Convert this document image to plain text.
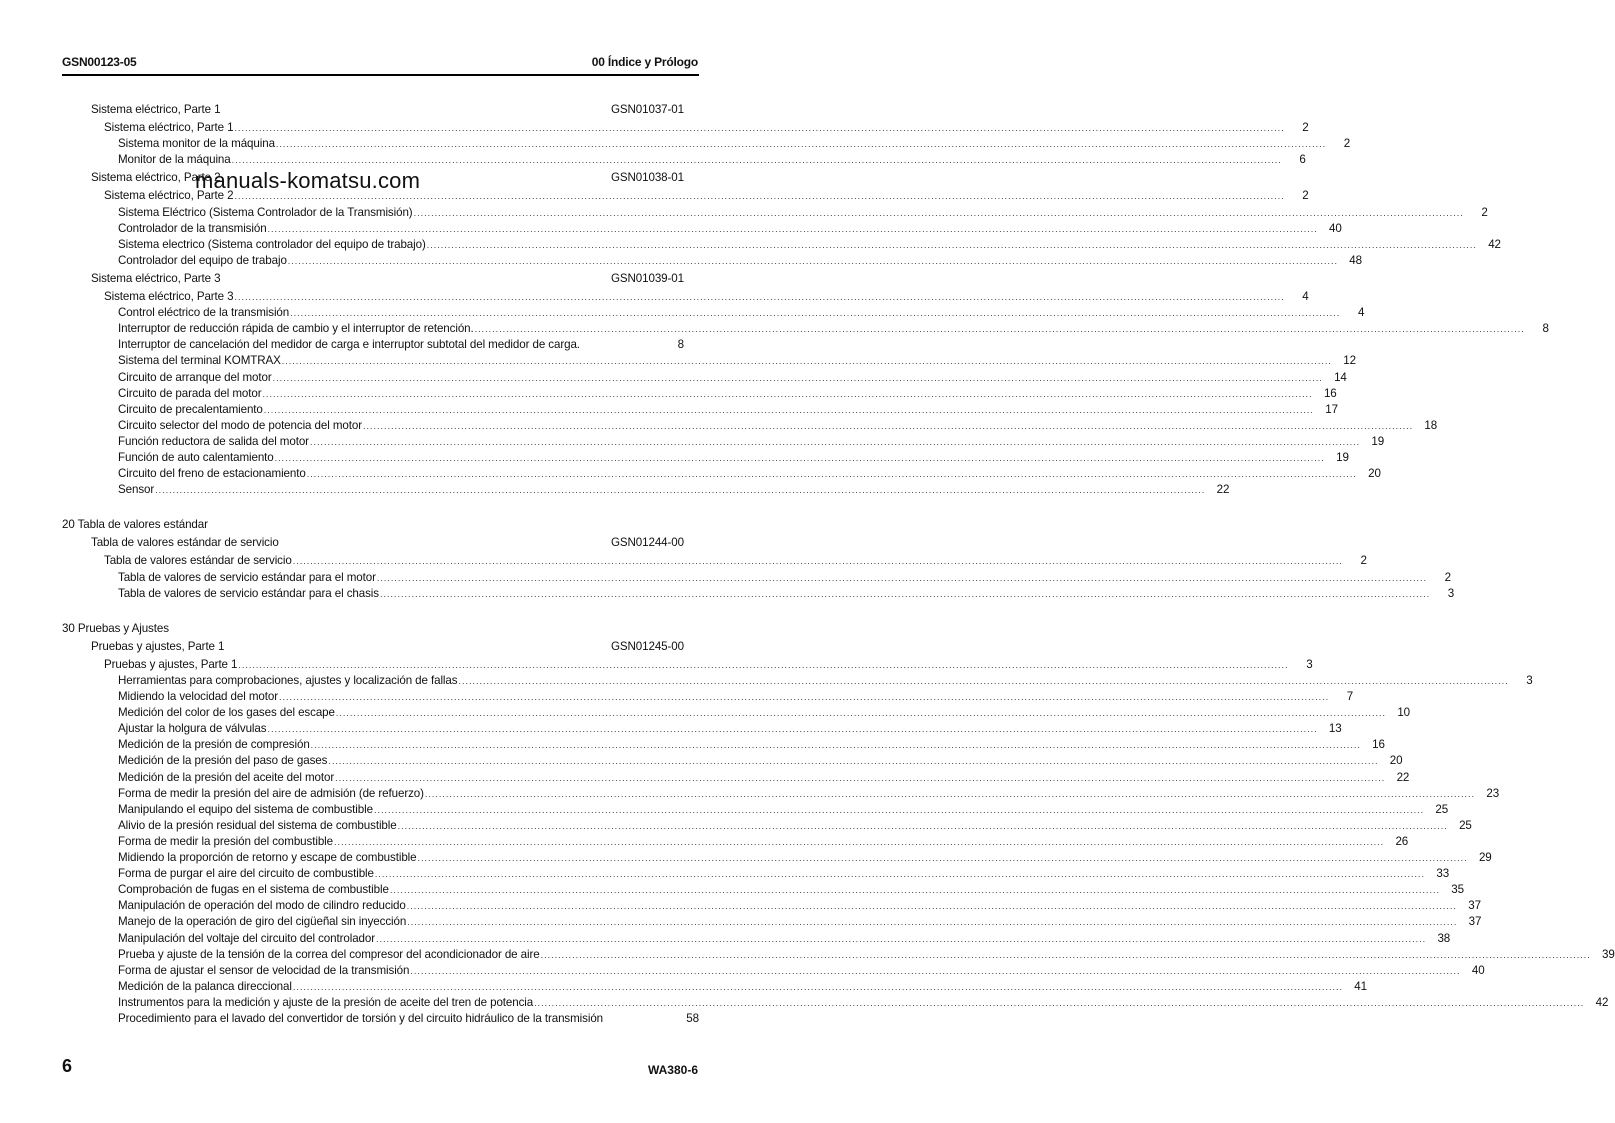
GSN00123-05	00 Índice y Prólogo
Sistema eléctrico, Parte 1	GSN01037-01
Sistema eléctrico, Parte 1 ............................................................................................................................................................................................................................................................................................................	2
Sistema monitor de la máquina ............................................................................................................................................................................................................................................................................................................	2
Monitor de la máquina ............................................................................................................................................................................................................................................................................................................	6
Sistema eléctrico, Parte 2	GSN01038-01
Sistema eléctrico, Parte 2 ............................................................................................................................................................................................................................................................................................................	2
Sistema Eléctrico (Sistema Controlador de la Transmisión) ............................................................................................................................................................................................................................................................................................................	2
Controlador de la transmisión ............................................................................................................................................................................................................................................................................................................ 40
Sistema electrico (Sistema controlador del equipo de trabajo) ............................................................................................................................................................................................................................................................................................................ 42
Controlador del equipo de trabajo ............................................................................................................................................................................................................................................................................................................ 48
Sistema eléctrico, Parte 3	GSN01039-01
Sistema eléctrico, Parte 3 ............................................................................................................................................................................................................................................................................................................	4
Control eléctrico de la transmisión ............................................................................................................................................................................................................................................................................................................	4
Interruptor de reducción rápida de cambio y el interruptor de retención. ............................................................................................................................................................................................................................................................................................................	8
Interruptor de cancelación del medidor de carga e interruptor subtotal del medidor de carga.	8
Sistema del terminal KOMTRAX ............................................................................................................................................................................................................................................................................................................ 12
Circuito de arranque del motor ............................................................................................................................................................................................................................................................................................................ 14
Circuito de parada del motor ............................................................................................................................................................................................................................................................................................................ 16
Circuito de precalentamiento ............................................................................................................................................................................................................................................................................................................ 17
Circuito selector del modo de potencia del motor ............................................................................................................................................................................................................................................................................................................ 18
Función reductora de salida del motor ............................................................................................................................................................................................................................................................................................................ 19
Función de auto calentamiento ............................................................................................................................................................................................................................................................................................................ 19
Circuito del freno de estacionamiento ............................................................................................................................................................................................................................................................................................................ 20
Sensor ............................................................................................................................................................................................................................................................................................................ 22
20 Tabla de valores estándar
Tabla de valores estándar de servicio	GSN01244-00
Tabla de valores estándar de servicio ............................................................................................................................................................................................................................................................................................................	2
Tabla de valores de servicio estándar para el motor ............................................................................................................................................................................................................................................................................................................	2
Tabla de valores de servicio estándar para el chasis ............................................................................................................................................................................................................................................................................................................	3
30 Pruebas y Ajustes
Pruebas y ajustes, Parte 1	GSN01245-00
Pruebas y ajustes, Parte 1 ............................................................................................................................................................................................................................................................................................................	3
Herramientas para comprobaciones, ajustes y localización de fallas ............................................................................................................................................................................................................................................................................................................	3
Midiendo la velocidad del motor ............................................................................................................................................................................................................................................................................................................	7
Medición del color de los gases del escape ............................................................................................................................................................................................................................................................................................................ 10
Ajustar la holgura de válvulas ............................................................................................................................................................................................................................................................................................................ 13
Medición de la presión de compresión ............................................................................................................................................................................................................................................................................................................ 16
Medición de la presión del paso de gases ............................................................................................................................................................................................................................................................................................................ 20
Medición de la presión del aceite del motor ............................................................................................................................................................................................................................................................................................................ 22
Forma de medir la presión del aire de admisión (de refuerzo) ............................................................................................................................................................................................................................................................................................................ 23
Manipulando el equipo del sistema de combustible ............................................................................................................................................................................................................................................................................................................ 25
Alivio de la presión residual del sistema de combustible ............................................................................................................................................................................................................................................................................................................ 25
Forma de medir la presión del combustible ............................................................................................................................................................................................................................................................................................................ 26
Midiendo la proporción de retorno y escape de combustible ............................................................................................................................................................................................................................................................................................................ 29
Forma de purgar el aire del circuito de combustible ............................................................................................................................................................................................................................................................................................................ 33
Comprobación de fugas en el sistema de combustible ............................................................................................................................................................................................................................................................................................................ 35
Manipulación de operación del modo de cilindro reducido ............................................................................................................................................................................................................................................................................................................ 37
Manejo de la operación de giro del cigüeñal sin inyección ............................................................................................................................................................................................................................................................................................................ 37
Manipulación del voltaje del circuito del controlador ............................................................................................................................................................................................................................................................................................................ 38
Prueba y ajuste de la tensión de la correa del compresor del acondicionador de aire ............................................................................................................................................................................................................................................................................................................ 39
Forma de ajustar el sensor de velocidad de la transmisión ............................................................................................................................................................................................................................................................................................................ 40
Medición de la palanca direccional ............................................................................................................................................................................................................................................................................................................ 41
Instrumentos para la medición y ajuste de la presión de aceite del tren de potencia ............................................................................................................................................................................................................................................................................................................ 42
Procedimiento para el lavado del convertidor de torsión y del circuito hidráulico de la transmisión	58
manuals-komatsu.com
6	WA380-6
